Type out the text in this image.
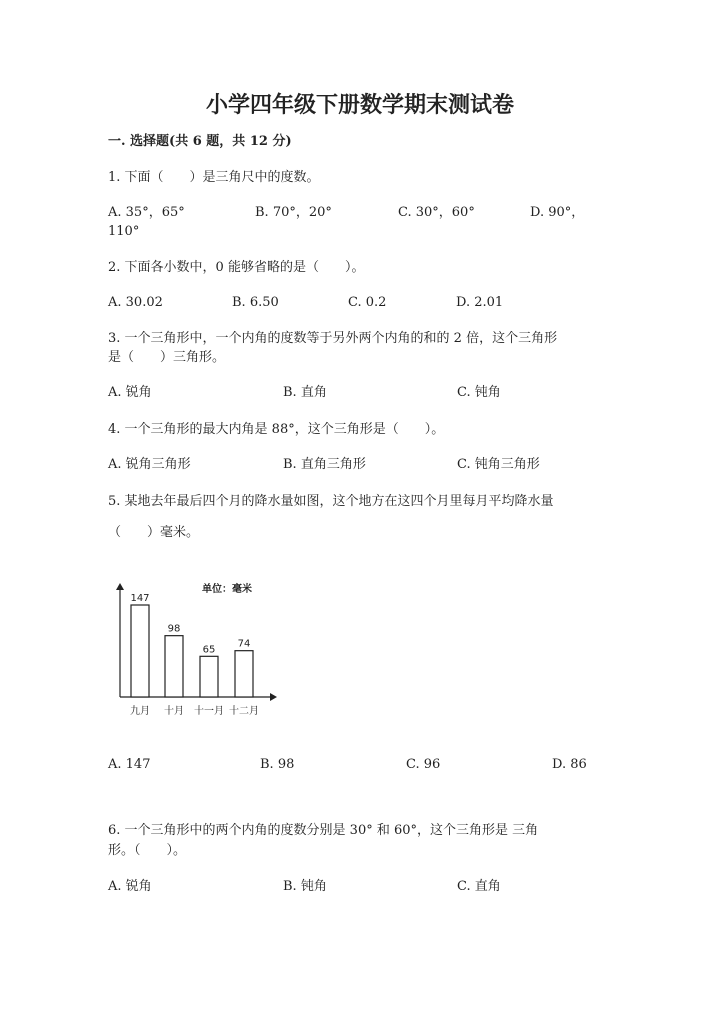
小学四年级下册数学期末测试卷
一. 选择题(共 6 题，共 12 分)
1. 下面（　　）是三角尺中的度数。
A. 35°，65°	B. 70°，20°	C. 30°，60°	D. 90°，
110°
2. 下面各小数中，0 能够省略的是（　　）。
A. 30.02	B. 6.50	C. 0.2	D. 2.01
3. 一个三角形中，一个内角的度数等于另外两个内角的和的 2 倍，这个三角形
是（　　）三角形。
A. 锐角	B. 直角	C. 钝角
4. 一个三角形的最大内角是 88°，这个三角形是（　　）。
A. 锐角三角形	B. 直角三角形	C. 钝角三角形
5. 某地去年最后四个月的降水量如图，这个地方在这四个月里每月平均降水量
（　　）毫米。
单位：毫米
147
九月
98
十月
65
十一月
74
十二月
A. 147	B. 98	C. 96	D. 86
6. 一个三角形中的两个内角的度数分别是 30° 和 60°，这个三角形是 三角
形。（　　）。
A. 锐角	B. 钝角	C. 直角
